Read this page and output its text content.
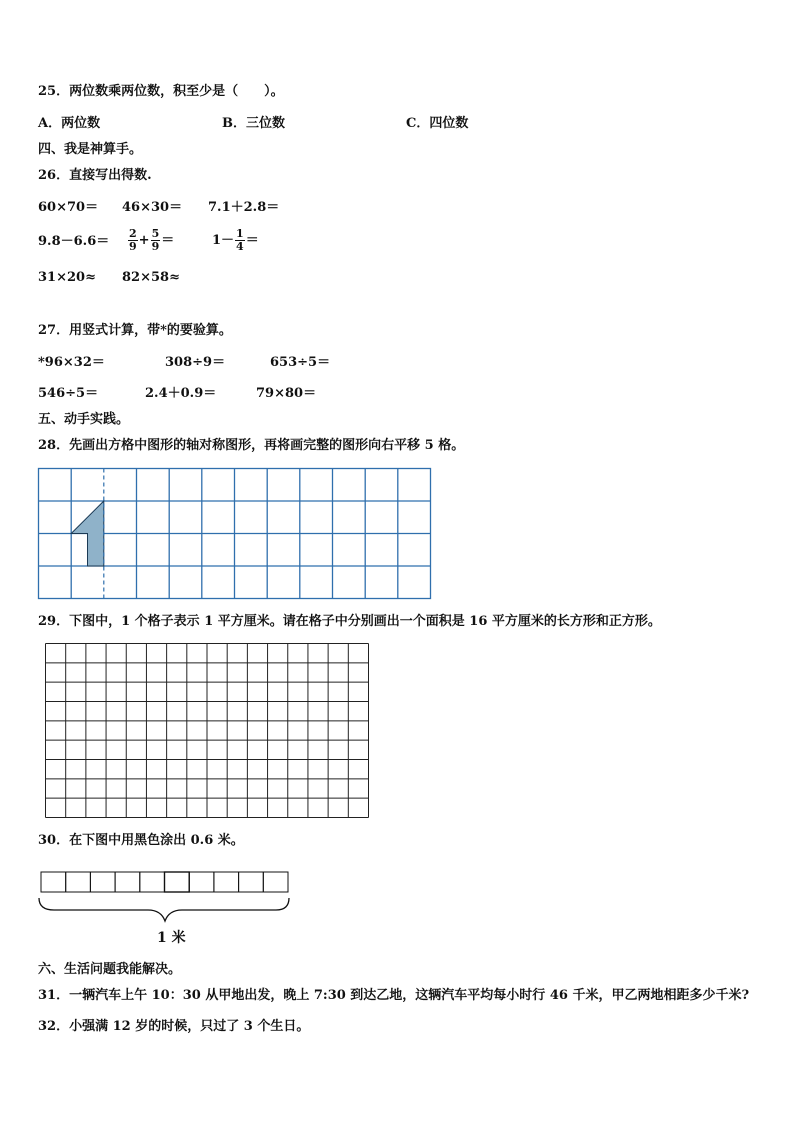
25．两位数乘两位数，积至少是（　　）。
A．两位数	B．三位数	C．四位数
四、我是神算手。
26．直接写出得数.
60×70＝ 46×30＝ 7.1＋2.8＝
$9.8-6.6= \frac{2}{9} + \frac{5}{9}$ ＝	$1- \frac{1}{4}$ ＝
31×20≈ 82×58≈
27．用竖式计算，带*的要验算。
*96×32＝	308÷9＝	653÷5＝
546÷5＝	2.4＋0.9＝	79×80＝
五、动手实践。
28．先画出方格中图形的轴对称图形，再将画完整的图形向右平移 5 格。
29．下图中，1 个格子表示 1 平方厘米。请在格子中分别画出一个面积是 16 平方厘米的长方形和正方形。
30．在下图中用黑色涂出 0.6 米。
1 米
六、生活问题我能解决。
31．一辆汽车上午 10：30 从甲地出发，晚上 7:30 到达乙地，这辆汽车平均每小时行 46 千米，甲乙两地相距多少千米?
32．小强满 12 岁的时候，只过了 3 个生日。
